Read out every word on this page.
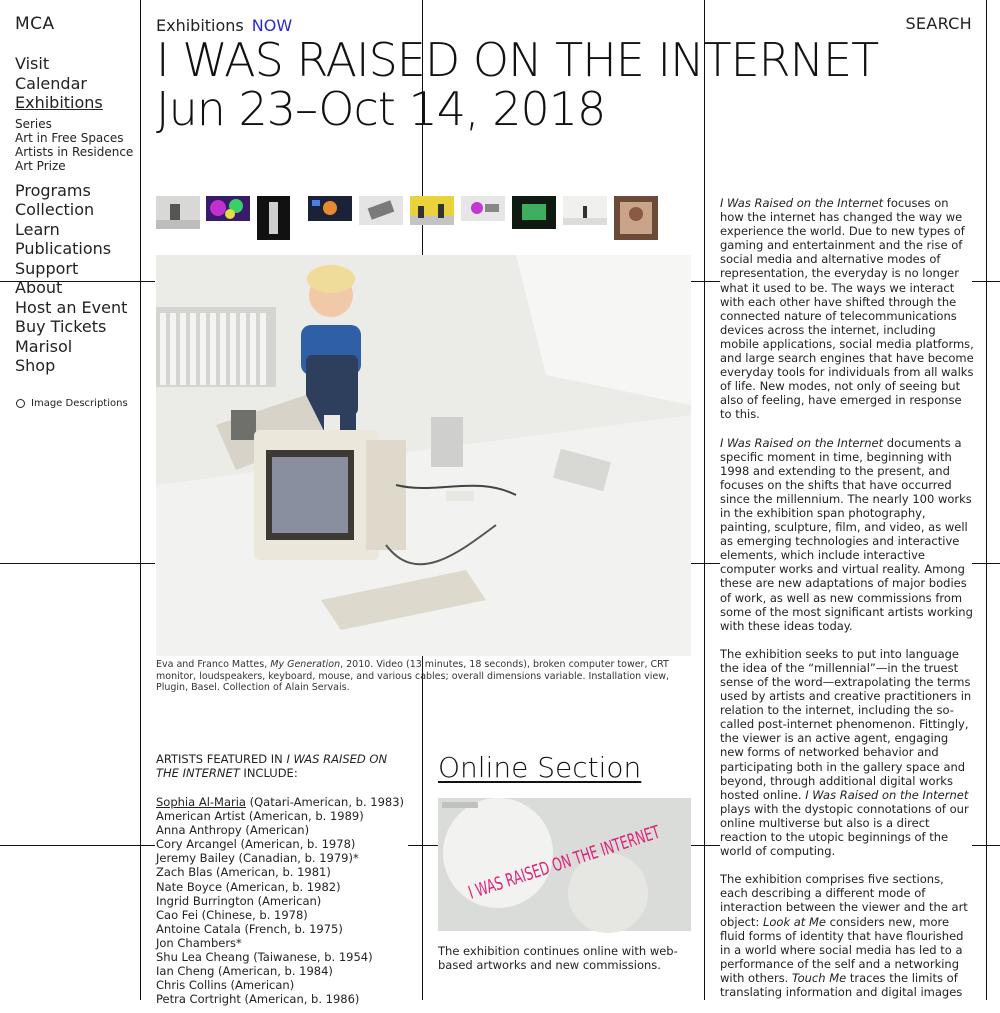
MCA
Visit
Calendar
Exhibitions
Series
Art in Free Spaces
Artists in Residence
Art Prize
Programs
Collection
Learn
Publications
Support
About
Host an Event
Buy Tickets
Marisol
Shop
Image Descriptions
Exhibitions NOW	SEARCH
I WAS RAISED ON THE INTERNET
Jun 23–Oct 14, 2018
Eva and Franco Mattes, My Generation, 2010. Video (13 minutes, 18 seconds), broken computer tower, CRT monitor, loudspeakers, keyboard, mouse, and various cables; overall dimensions variable. Installation view, Plugin, Basel. Collection of Alain Servais.
ARTISTS FEATURED IN I WAS RAISED ON THE INTERNET INCLUDE:
Sophia Al-Maria (Qatari-American, b. 1983)
American Artist (American, b. 1989)
Anna Anthropy (American)
Cory Arcangel (American, b. 1978)
Jeremy Bailey (Canadian, b. 1979)*
Zach Blas (American, b. 1981)
Nate Boyce (American, b. 1982)
Ingrid Burrington (American)
Cao Fei (Chinese, b. 1978)
Antoine Catala (French, b. 1975)
Jon Chambers*
Shu Lea Cheang (Taiwanese, b. 1954)
Ian Cheng (American, b. 1984)
Chris Collins (American)
Petra Cortright (American, b. 1986)
Online Section
I WAS RAISED ON THE INTERNET
The exhibition continues online with web-based artworks and new commissions.

I Was Raised on the Internet focuses on how the internet has changed the way we experience the world. Due to new types of gaming and entertainment and the rise of social media and alternative modes of representation, the everyday is no longer what it used to be. The ways we interact with each other have shifted through the connected nature of telecommunications devices across the internet, including mobile applications, social media platforms, and large search engines that have become everyday tools for individuals from all walks of life. New modes, not only of seeing but also of feeling, have emerged in response to this.

I Was Raised on the Internet documents a specific moment in time, beginning with 1998 and extending to the present, and focuses on the shifts that have occurred since the millennium. The nearly 100 works in the exhibition span photography, painting, sculpture, film, and video, as well as emerging technologies and interactive elements, which include interactive computer works and virtual reality. Among these are new adaptations of major bodies of work, as well as new commissions from some of the most significant artists working with these ideas today.

The exhibition seeks to put into language the idea of the “millennial”—in the truest sense of the word—extrapolating the terms used by artists and creative practitioners in relation to the internet, including the so-called post-internet phenomenon. Fittingly, the viewer is an active agent, engaging new forms of networked behavior and participating both in the gallery space and beyond, through additional digital works hosted online. I Was Raised on the Internet plays with the dystopic connotations of our online multiverse but also is a direct reaction to the utopic beginnings of the world of computing.

The exhibition comprises five sections, each describing a different mode of interaction between the viewer and the art object: Look at Me considers new, more fluid forms of identity that have flourished in a world where social media has led to a performance of the self and a networking with others. Touch Me traces the limits of translating information and digital images
